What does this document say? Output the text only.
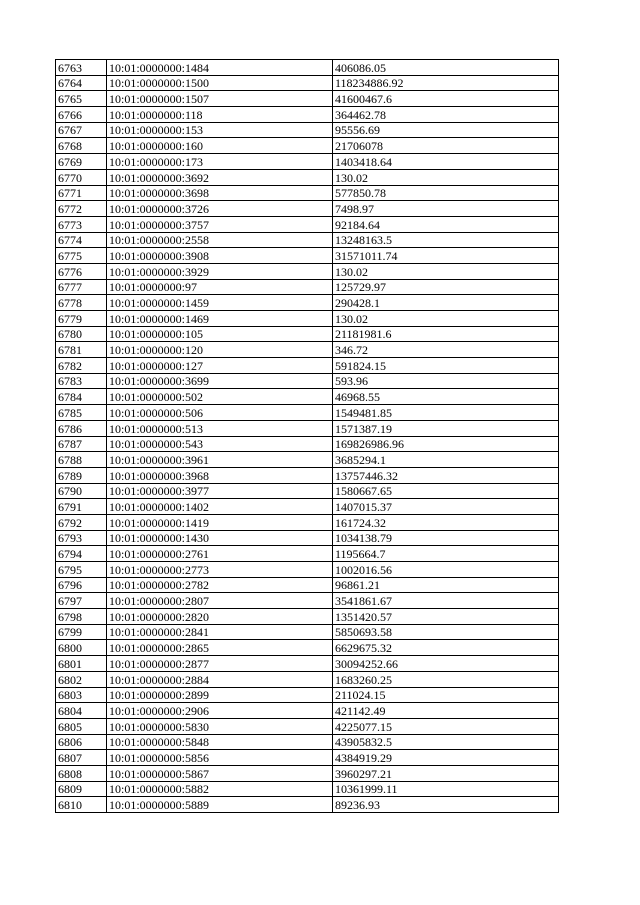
6763	10:01:0000000:1484	406086.05
6764	10:01:0000000:1500	118234886.92
6765	10:01:0000000:1507	41600467.6
6766	10:01:0000000:118	364462.78
6767	10:01:0000000:153	95556.69
6768	10:01:0000000:160	21706078
6769	10:01:0000000:173	1403418.64
6770	10:01:0000000:3692	130.02
6771	10:01:0000000:3698	577850.78
6772	10:01:0000000:3726	7498.97
6773	10:01:0000000:3757	92184.64
6774	10:01:0000000:2558	13248163.5
6775	10:01:0000000:3908	31571011.74
6776	10:01:0000000:3929	130.02
6777	10:01:0000000:97	125729.97
6778	10:01:0000000:1459	290428.1
6779	10:01:0000000:1469	130.02
6780	10:01:0000000:105	21181981.6
6781	10:01:0000000:120	346.72
6782	10:01:0000000:127	591824.15
6783	10:01:0000000:3699	593.96
6784	10:01:0000000:502	46968.55
6785	10:01:0000000:506	1549481.85
6786	10:01:0000000:513	1571387.19
6787	10:01:0000000:543	169826986.96
6788	10:01:0000000:3961	3685294.1
6789	10:01:0000000:3968	13757446.32
6790	10:01:0000000:3977	1580667.65
6791	10:01:0000000:1402	1407015.37
6792	10:01:0000000:1419	161724.32
6793	10:01:0000000:1430	1034138.79
6794	10:01:0000000:2761	1195664.7
6795	10:01:0000000:2773	1002016.56
6796	10:01:0000000:2782	96861.21
6797	10:01:0000000:2807	3541861.67
6798	10:01:0000000:2820	1351420.57
6799	10:01:0000000:2841	5850693.58
6800	10:01:0000000:2865	6629675.32
6801	10:01:0000000:2877	30094252.66
6802	10:01:0000000:2884	1683260.25
6803	10:01:0000000:2899	211024.15
6804	10:01:0000000:2906	421142.49
6805	10:01:0000000:5830	4225077.15
6806	10:01:0000000:5848	43905832.5
6807	10:01:0000000:5856	4384919.29
6808	10:01:0000000:5867	3960297.21
6809	10:01:0000000:5882	10361999.11
6810	10:01:0000000:5889	89236.93
